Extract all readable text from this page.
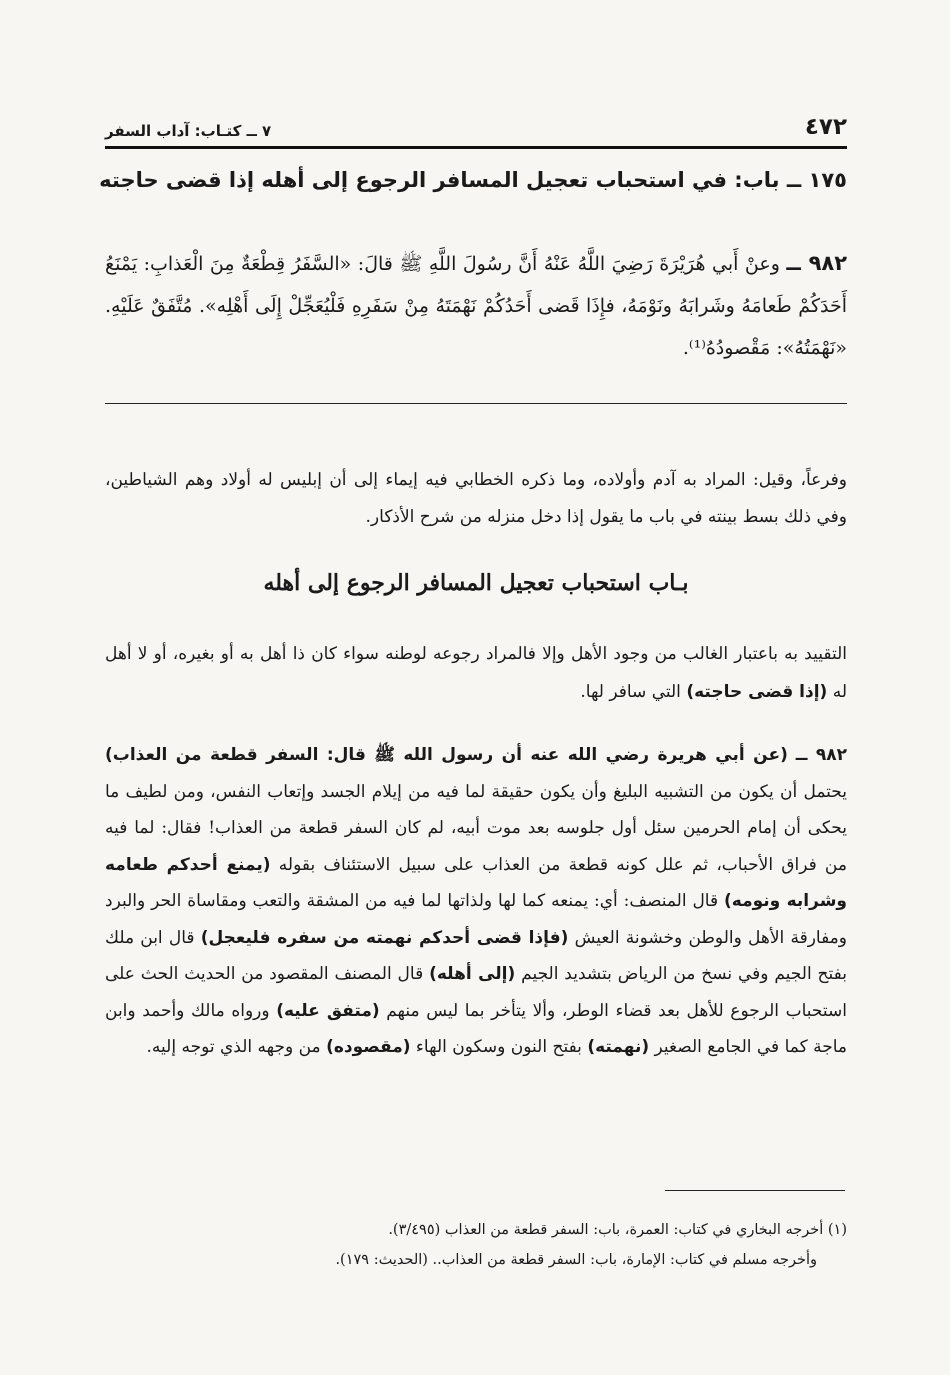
٤٧٢
٧ ــ كتـاب: آداب السفر
١٧٥ ــ باب: في استحباب تعجيل المسافر الرجوع إلى أهله إذا قضى حاجته
٩٨٢ ــ وعنْ أَبي هُرَيْرَةَ رَضِيَ اللَّهُ عَنْهُ أَنَّ رسُولَ اللَّهِ ﷺ قالَ: «السَّفَرُ قِطْعَةٌ مِنَ الْعَذابِ: يَمْنَعُ أَحَدَكُمْ طَعامَهُ وشَرابَهُ ونَوْمَهُ، فإِذَا قَضى أَحَدُكُمْ نَهْمَتَهُ مِنْ سَفَرِهِ فَلْيُعَجِّلْ إِلَى أَهْلِه». مُتَّفَقٌ عَلَيْهِ. «نَهْمَتُهُ»: مَقْصودُهُ⁽¹⁾.

وفرعاً، وقيل: المراد به آدم وأولاده، وما ذكره الخطابي فيه إيماء إلى أن إبليس له أولاد وهم الشياطين، وفي ذلك بسط بينته في باب ما يقول إذا دخل منزله من شرح الأذكار.

بـاب استحباب تعجيل المسافر الرجوع إلى أهله

التقييد به باعتبار الغالب من وجود الأهل وإلا فالمراد رجوعه لوطنه سواء كان ذا أهل به أو بغيره، أو لا أهل له (إذا قضى حاجته) التي سافر لها.

٩٨٢ ــ (عن أبي هريرة رضي الله عنه أن رسول الله ﷺ قال: السفر قطعة من العذاب) يحتمل أن يكون من التشبيه البليغ وأن يكون حقيقة لما فيه من إيلام الجسد وإتعاب النفس، ومن لطيف ما يحكى أن إمام الحرمين سئل أول جلوسه بعد موت أبيه، لم كان السفر قطعة من العذاب! فقال: لما فيه من فراق الأحباب، ثم علل كونه قطعة من العذاب على سبيل الاستئناف بقوله (يمنع أحدكم طعامه وشرابه ونومه) قال المنصف: أي: يمنعه كما لها ولذاتها لما فيه من المشقة والتعب ومقاساة الحر والبرد ومفارقة الأهل والوطن وخشونة العيش (فإذا قضى أحدكم نهمته من سفره فليعجل) قال ابن ملك بفتح الجيم وفي نسخ من الرياض بتشديد الجيم (إلى أهله) قال المصنف المقصود من الحديث الحث على استحباب الرجوع للأهل بعد قضاء الوطر، وألا يتأخر بما ليس منهم (متفق عليه) ورواه مالك وأحمد وابن ماجة كما في الجامع الصغير (نهمته) بفتح النون وسكون الهاء (مقصوده) من وجهه الذي توجه إليه.

(١) أخرجه البخاري في كتاب: العمرة، باب: السفر قطعة من العذاب (٣/٤٩٥).

وأخرجه مسلم في كتاب: الإمارة، باب: السفر قطعة من العذاب.. (الحديث: ١٧٩).
